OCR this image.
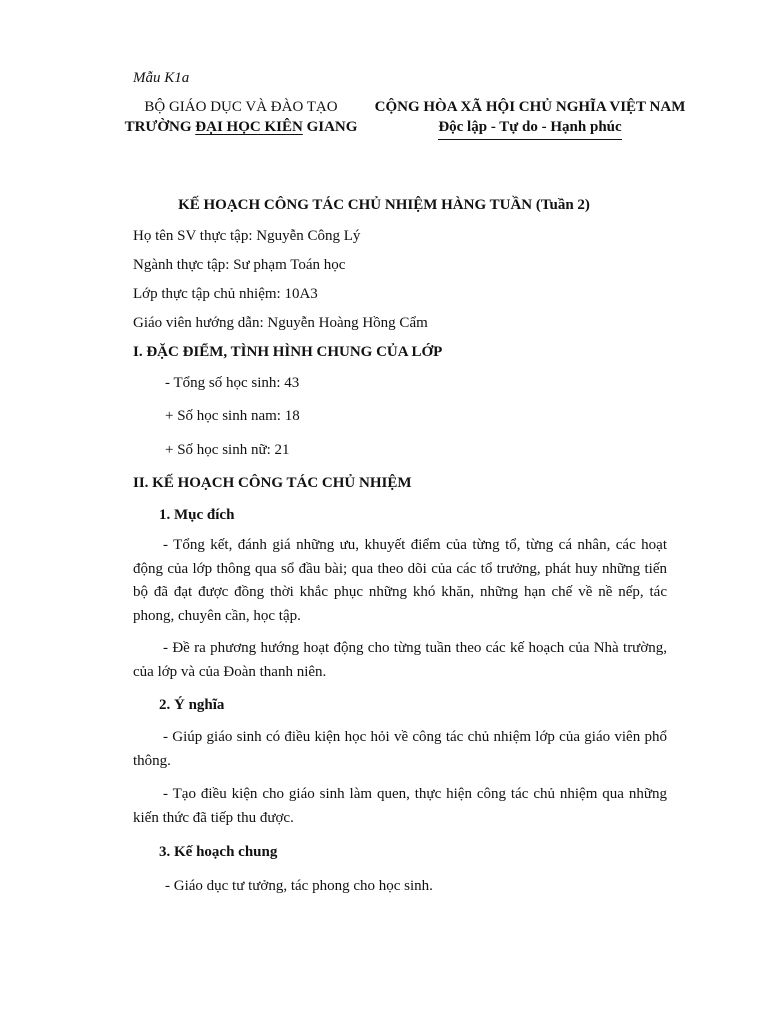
Mẫu K1a
BỘ GIÁO DỤC VÀ ĐÀO TẠO
TRƯỜNG ĐẠI HỌC KIÊN GIANG
CỘNG HÒA XÃ HỘI CHỦ NGHĨA VIỆT NAM
Độc lập - Tự do - Hạnh phúc
KẾ HOẠCH CÔNG TÁC CHỦ NHIỆM HÀNG TUẦN (Tuần 2)
Họ tên SV thực tập: Nguyễn Công Lý
Ngành thực tập: Sư phạm Toán học
Lớp thực tập chủ nhiệm: 10A3
Giáo viên hướng dẫn: Nguyễn Hoàng Hồng Cẩm
I. ĐẶC ĐIỂM, TÌNH HÌNH CHUNG CỦA LỚP
- Tổng số học sinh: 43
+ Số học sinh nam: 18
+ Số học sinh nữ: 21
II. KẾ HOẠCH CÔNG TÁC CHỦ NHIỆM
1. Mục đích
- Tổng kết, đánh giá những ưu, khuyết điểm của từng tổ, từng cá nhân, các hoạt động của lớp thông qua sổ đầu bài; qua theo dõi của các tổ trưởng, phát huy những tiến bộ đã đạt được đồng thời khắc phục những khó khăn, những hạn chế về nề nếp, tác phong, chuyên cần, học tập.
- Đề ra phương hướng hoạt động cho từng tuần theo các kế hoạch của Nhà trường, của lớp và của Đoàn thanh niên.
2. Ý nghĩa
- Giúp giáo sinh có điều kiện học hỏi về công tác chủ nhiệm lớp của giáo viên phổ thông.
- Tạo điều kiện cho giáo sinh làm quen, thực hiện công tác chủ nhiệm qua những kiến thức đã tiếp thu được.
3. Kế hoạch chung
- Giáo dục tư tưởng, tác phong cho học sinh.
